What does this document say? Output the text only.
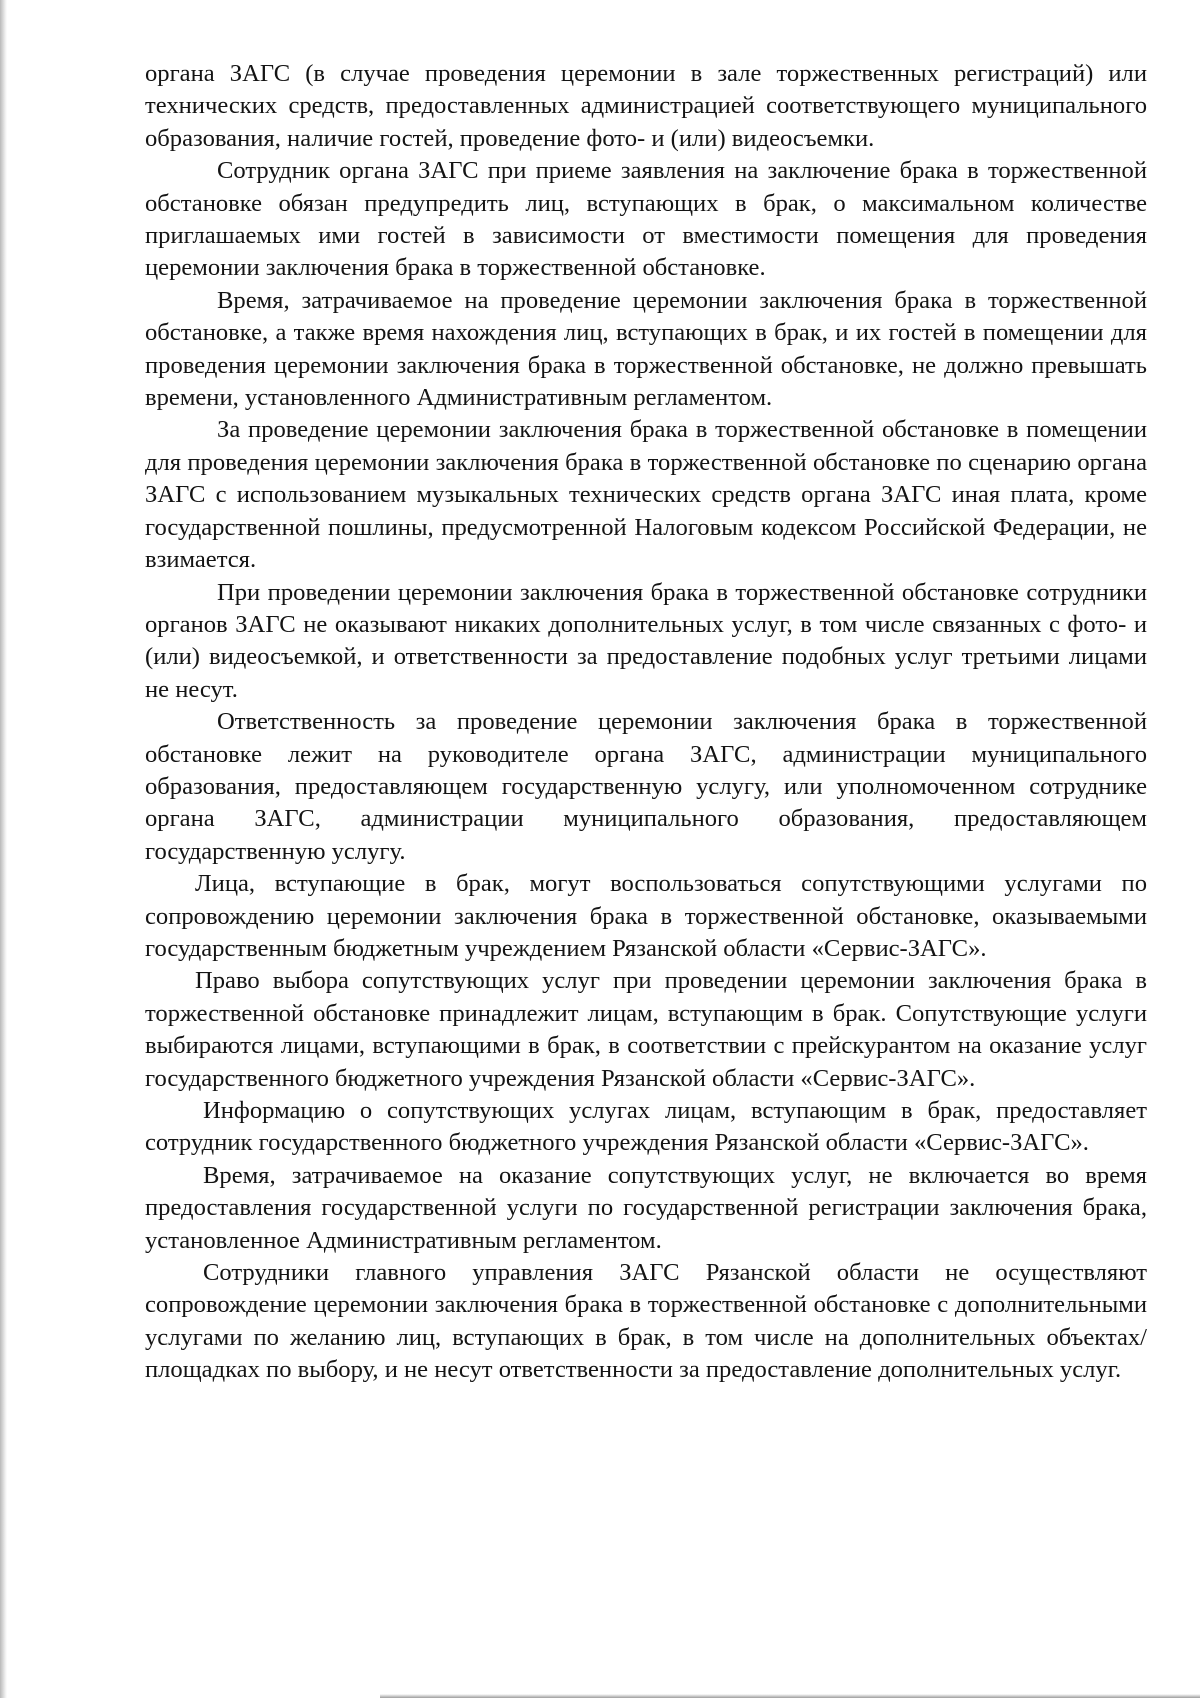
органа ЗАГС (в случае проведения церемонии в зале торжественных регистраций) или технических средств, предоставленных администрацией соответствующего муниципального образования, наличие гостей, проведение фото- и (или) видеосъемки.

Сотрудник органа ЗАГС при приеме заявления на заключение брака в торжественной обстановке обязан предупредить лиц, вступающих в брак, о максимальном количестве приглашаемых ими гостей в зависимости от вместимости помещения для проведения церемонии заключения брака в торжественной обстановке.

Время, затрачиваемое на проведение церемонии заключения брака в торжественной обстановке, а также время нахождения лиц, вступающих в брак, и их гостей в помещении для проведения церемонии заключения брака в торжественной обстановке, не должно превышать времени, установленного Административным регламентом.

За проведение церемонии заключения брака в торжественной обстановке в помещении для проведения церемонии заключения брака в торжественной обстановке по сценарию органа ЗАГС с использованием музыкальных технических средств органа ЗАГС иная плата, кроме государственной пошлины, предусмотренной Налоговым кодексом Российской Федерации, не взимается.

При проведении церемонии заключения брака в торжественной обстановке сотрудники органов ЗАГС не оказывают никаких дополнительных услуг, в том числе связанных с фото- и (или) видеосъемкой, и ответственности за предоставление подобных услуг третьими лицами не несут.

Ответственность за проведение церемонии заключения брака в торжественной обстановке лежит на руководителе органа ЗАГС, администрации муниципального образования, предоставляющем государственную услугу, или уполномоченном сотруднике органа ЗАГС, администрации муниципального образования, предоставляющем государственную услугу.

Лица, вступающие в брак, могут воспользоваться сопутствующими услугами по сопровождению церемонии заключения брака в торжественной обстановке, оказываемыми государственным бюджетным учреждением Рязанской области «Сервис-ЗАГС».

Право выбора сопутствующих услуг при проведении церемонии заключения брака в торжественной обстановке принадлежит лицам, вступающим в брак. Сопутствующие услуги выбираются лицами, вступающими в брак, в соответствии с прейскурантом на оказание услуг государственного бюджетного учреждения Рязанской области «Сервис-ЗАГС».

Информацию о сопутствующих услугах лицам, вступающим в брак, предоставляет сотрудник государственного бюджетного учреждения Рязанской области «Сервис-ЗАГС».

Время, затрачиваемое на оказание сопутствующих услуг, не включается во время предоставления государственной услуги по государственной регистрации заключения брака, установленное Административным регламентом.

Сотрудники главного управления ЗАГС Рязанской области не осуществляют сопровождение церемонии заключения брака в торжественной обстановке с дополнительными услугами по желанию лиц, вступающих в брак, в том числе на дополнительных объектах/площадках по выбору, и не несут ответственности за предоставление дополнительных услуг.
